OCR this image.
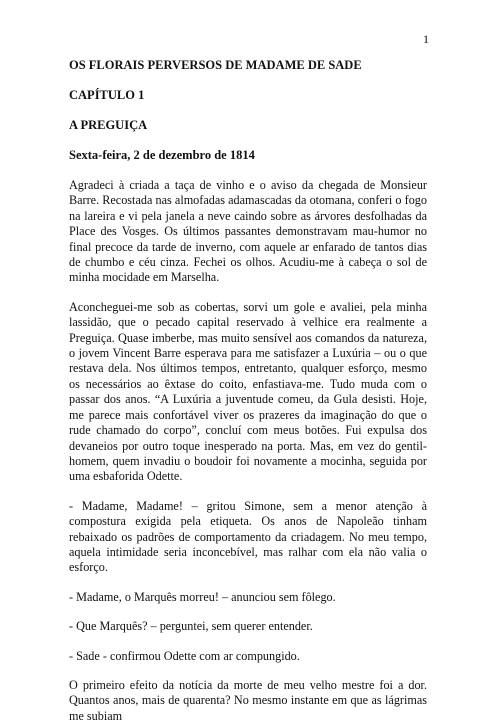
1

OS FLORAIS PERVERSOS DE MADAME DE SADE

CAPÍTULO 1

A PREGUIÇA

Sexta-feira, 2 de dezembro de 1814

Agradeci à criada a taça de vinho e o aviso da chegada de Monsieur Barre. Recostada nas almofadas adamascadas da otomana, conferi o fogo na lareira e vi pela janela a neve caindo sobre as árvores desfolhadas da Place des Vosges. Os últimos passantes demonstravam mau-humor no final precoce da tarde de inverno, com aquele ar enfarado de tantos dias de chumbo e céu cinza. Fechei os olhos. Acudiu-me à cabeça o sol de minha mocidade em Marselha.

Aconcheguei-me sob as cobertas, sorvi um gole e avaliei, pela minha lassidão, que o pecado capital reservado à velhice era realmente a Preguiça. Quase imberbe, mas muito sensível aos comandos da natureza, o jovem Vincent Barre esperava para me satisfazer a Luxúria – ou o que restava dela. Nos últimos tempos, entretanto, qualquer esforço, mesmo os necessários ao êxtase do coito, enfastiava-me. Tudo muda com o passar dos anos. “A Luxúria a juventude comeu, da Gula desisti. Hoje, me parece mais confortável viver os prazeres da imaginação do que o rude chamado do corpo”, concluí com meus botões. Fui expulsa dos devaneios por outro toque inesperado na porta. Mas, em vez do gentil-homem, quem invadiu o boudoir foi novamente a mocinha, seguida por uma esbaforida Odette.

- Madame, Madame! – gritou Simone, sem a menor atenção à compostura exigida pela etiqueta. Os anos de Napoleão tinham rebaixado os padrões de comportamento da criadagem. No meu tempo, aquela intimidade seria inconcebível, mas ralhar com ela não valia o esforço.

- Madame, o Marquês morreu! – anunciou sem fôlego.

- Que Marquês? – perguntei, sem querer entender.

- Sade - confirmou Odette com ar compungido.

O primeiro efeito da notícia da morte de meu velho mestre foi a dor. Quantos anos, mais de quarenta? No mesmo instante em que as lágrimas me subiam
